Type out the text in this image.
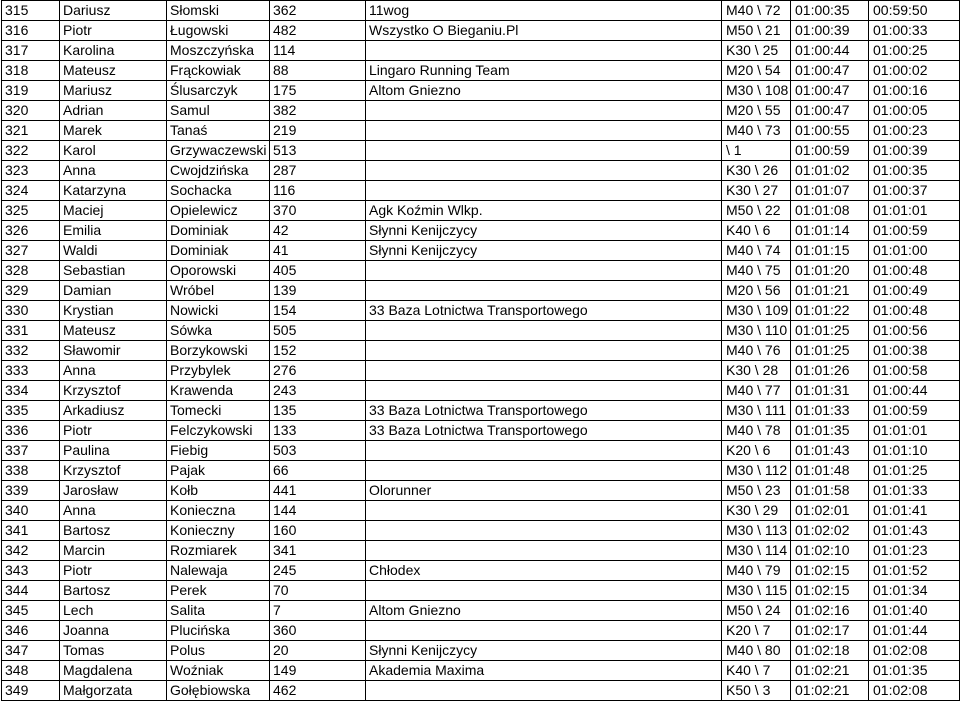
315	Dariusz	Słomski	362	11wog	M40 \ 72	01:00:35	00:59:50
316	Piotr	Ługowski	482	Wszystko O Bieganiu.Pl	M50 \ 21	01:00:39	01:00:33
317	Karolina	Moszczyńska	114		K30 \ 25	01:00:44	01:00:25
318	Mateusz	Frąckowiak	88	Lingaro Running Team	M20 \ 54	01:00:47	01:00:02
319	Mariusz	Ślusarczyk	175	Altom Gniezno	M30 \ 108	01:00:47	01:00:16
320	Adrian	Samul	382		M20 \ 55	01:00:47	01:00:05
321	Marek	Tanaś	219		M40 \ 73	01:00:55	01:00:23
322	Karol	Grzywaczewski	513		\ 1	01:00:59	01:00:39
323	Anna	Cwojdzińska	287		K30 \ 26	01:01:02	01:00:35
324	Katarzyna	Sochacka	116		K30 \ 27	01:01:07	01:00:37
325	Maciej	Opielewicz	370	Agk Koźmin Wlkp.	M50 \ 22	01:01:08	01:01:01
326	Emilia	Dominiak	42	Słynni Kenijczycy	K40 \ 6	01:01:14	01:00:59
327	Waldi	Dominiak	41	Słynni Kenijczycy	M40 \ 74	01:01:15	01:01:00
328	Sebastian	Oporowski	405		M40 \ 75	01:01:20	01:00:48
329	Damian	Wróbel	139		M20 \ 56	01:01:21	01:00:49
330	Krystian	Nowicki	154	33 Baza Lotnictwa Transportowego	M30 \ 109	01:01:22	01:00:48
331	Mateusz	Sówka	505		M30 \ 110	01:01:25	01:00:56
332	Sławomir	Borzykowski	152		M40 \ 76	01:01:25	01:00:38
333	Anna	Przybylek	276		K30 \ 28	01:01:26	01:00:58
334	Krzysztof	Krawenda	243		M40 \ 77	01:01:31	01:00:44
335	Arkadiusz	Tomecki	135	33 Baza Lotnictwa Transportowego	M30 \ 111	01:01:33	01:00:59
336	Piotr	Felczykowski	133	33 Baza Lotnictwa Transportowego	M40 \ 78	01:01:35	01:01:01
337	Paulina	Fiebig	503		K20 \ 6	01:01:43	01:01:10
338	Krzysztof	Pajak	66		M30 \ 112	01:01:48	01:01:25
339	Jarosław	Kołb	441	Olorunner	M50 \ 23	01:01:58	01:01:33
340	Anna	Konieczna	144		K30 \ 29	01:02:01	01:01:41
341	Bartosz	Konieczny	160		M30 \ 113	01:02:02	01:01:43
342	Marcin	Rozmiarek	341		M30 \ 114	01:02:10	01:01:23
343	Piotr	Nalewaja	245	Chłodex	M40 \ 79	01:02:15	01:01:52
344	Bartosz	Perek	70		M30 \ 115	01:02:15	01:01:34
345	Lech	Salita	7	Altom Gniezno	M50 \ 24	01:02:16	01:01:40
346	Joanna	Plucińska	360		K20 \ 7	01:02:17	01:01:44
347	Tomas	Polus	20	Słynni Kenijczycy	M40 \ 80	01:02:18	01:02:08
348	Magdalena	Woźniak	149	Akademia Maxima	K40 \ 7	01:02:21	01:01:35
349	Małgorzata	Gołębiowska	462		K50 \ 3	01:02:21	01:02:08
